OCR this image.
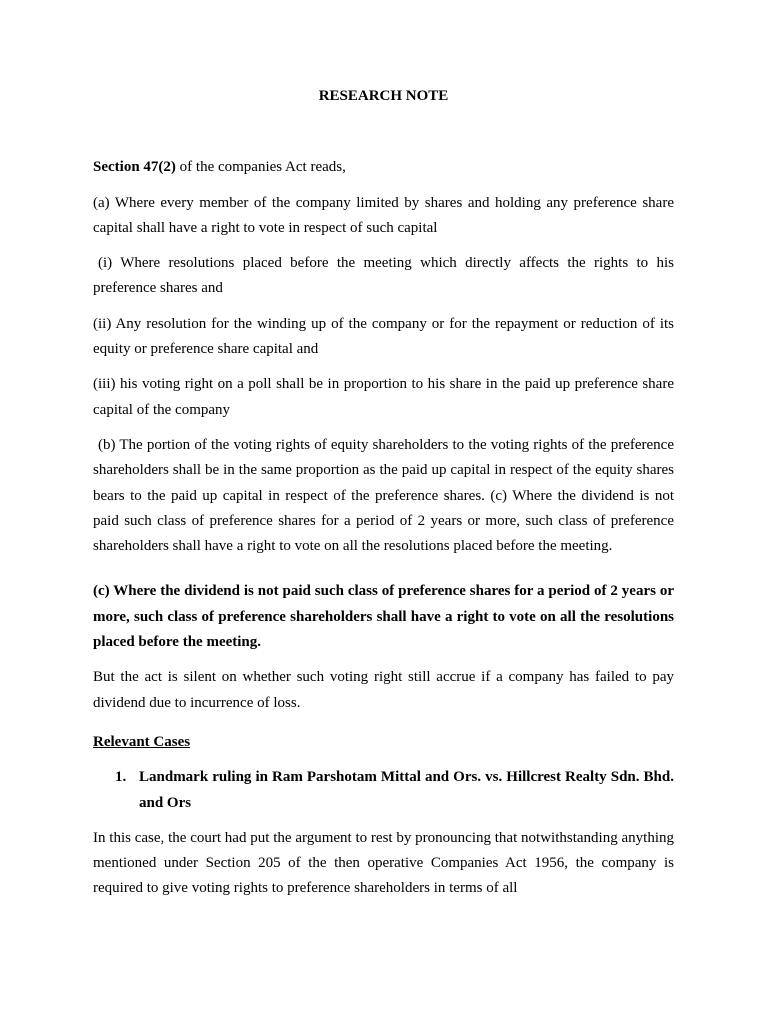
RESEARCH NOTE

Section 47(2) of the companies Act reads,

(a) Where every member of the company limited by shares and holding any preference share capital shall have a right to vote in respect of such capital

(i) Where resolutions placed before the meeting which directly affects the rights to his preference shares and

(ii) Any resolution for the winding up of the company or for the repayment or reduction of its equity or preference share capital and

(iii) his voting right on a poll shall be in proportion to his share in the paid up preference share capital of the company

(b) The portion of the voting rights of equity shareholders to the voting rights of the preference shareholders shall be in the same proportion as the paid up capital in respect of the equity shares bears to the paid up capital in respect of the preference shares. (c) Where the dividend is not paid such class of preference shares for a period of 2 years or more, such class of preference shareholders shall have a right to vote on all the resolutions placed before the meeting.

(c) Where the dividend is not paid such class of preference shares for a period of 2 years or more, such class of preference shareholders shall have a right to vote on all the resolutions placed before the meeting.

But the act is silent on whether such voting right still accrue if a company has failed to pay dividend due to incurrence of loss.

Relevant Cases

1. Landmark ruling in Ram Parshotam Mittal and Ors. vs. Hillcrest Realty Sdn. Bhd. and Ors

In this case, the court had put the argument to rest by pronouncing that notwithstanding anything mentioned under Section 205 of the then operative Companies Act 1956, the company is required to give voting rights to preference shareholders in terms of all
